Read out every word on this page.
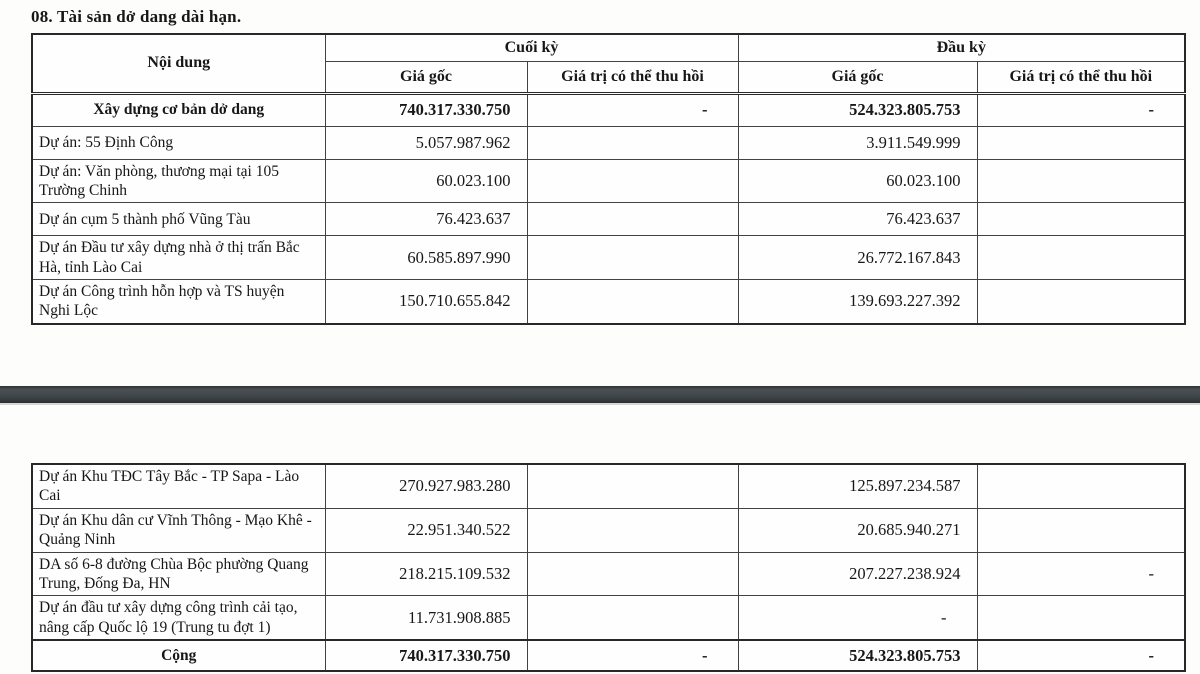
08. Tài sản dở dang dài hạn.
Nội dung	Cuối kỳ		Đầu kỳ	
	Giá gốc	Giá trị có thể thu hồi	Giá gốc	Giá trị có thể thu hồi
Xây dựng cơ bản dở dang	740.317.330.750	-	524.323.805.753	-
Dự án: 55 Định Công	5.057.987.962		3.911.549.999	
Dự án: Văn phòng, thương mại tại 105 Trường Chinh	60.023.100		60.023.100	
Dự án cụm 5 thành phố Vũng Tàu	76.423.637		76.423.637	
Dự án Đầu tư xây dựng nhà ở thị trấn Bắc Hà, tỉnh Lào Cai	60.585.897.990		26.772.167.843	
Dự án Công trình hỗn hợp và TS huyện Nghi Lộc	150.710.655.842		139.693.227.392	
Dự án Khu TĐC Tây Bắc - TP Sapa - Lào Cai	270.927.983.280		125.897.234.587	
Dự án Khu dân cư Vĩnh Thông - Mạo Khê - Quảng Ninh	22.951.340.522		20.685.940.271	
DA số 6-8 đường Chùa Bộc phường Quang Trung, Đống Đa, HN	218.215.109.532		207.227.238.924	-
Dự án đầu tư xây dựng công trình cải tạo, nâng cấp Quốc lộ 19 (Trung tu đợt 1)	11.731.908.885		-	
Cộng	740.317.330.750	-	524.323.805.753	-
